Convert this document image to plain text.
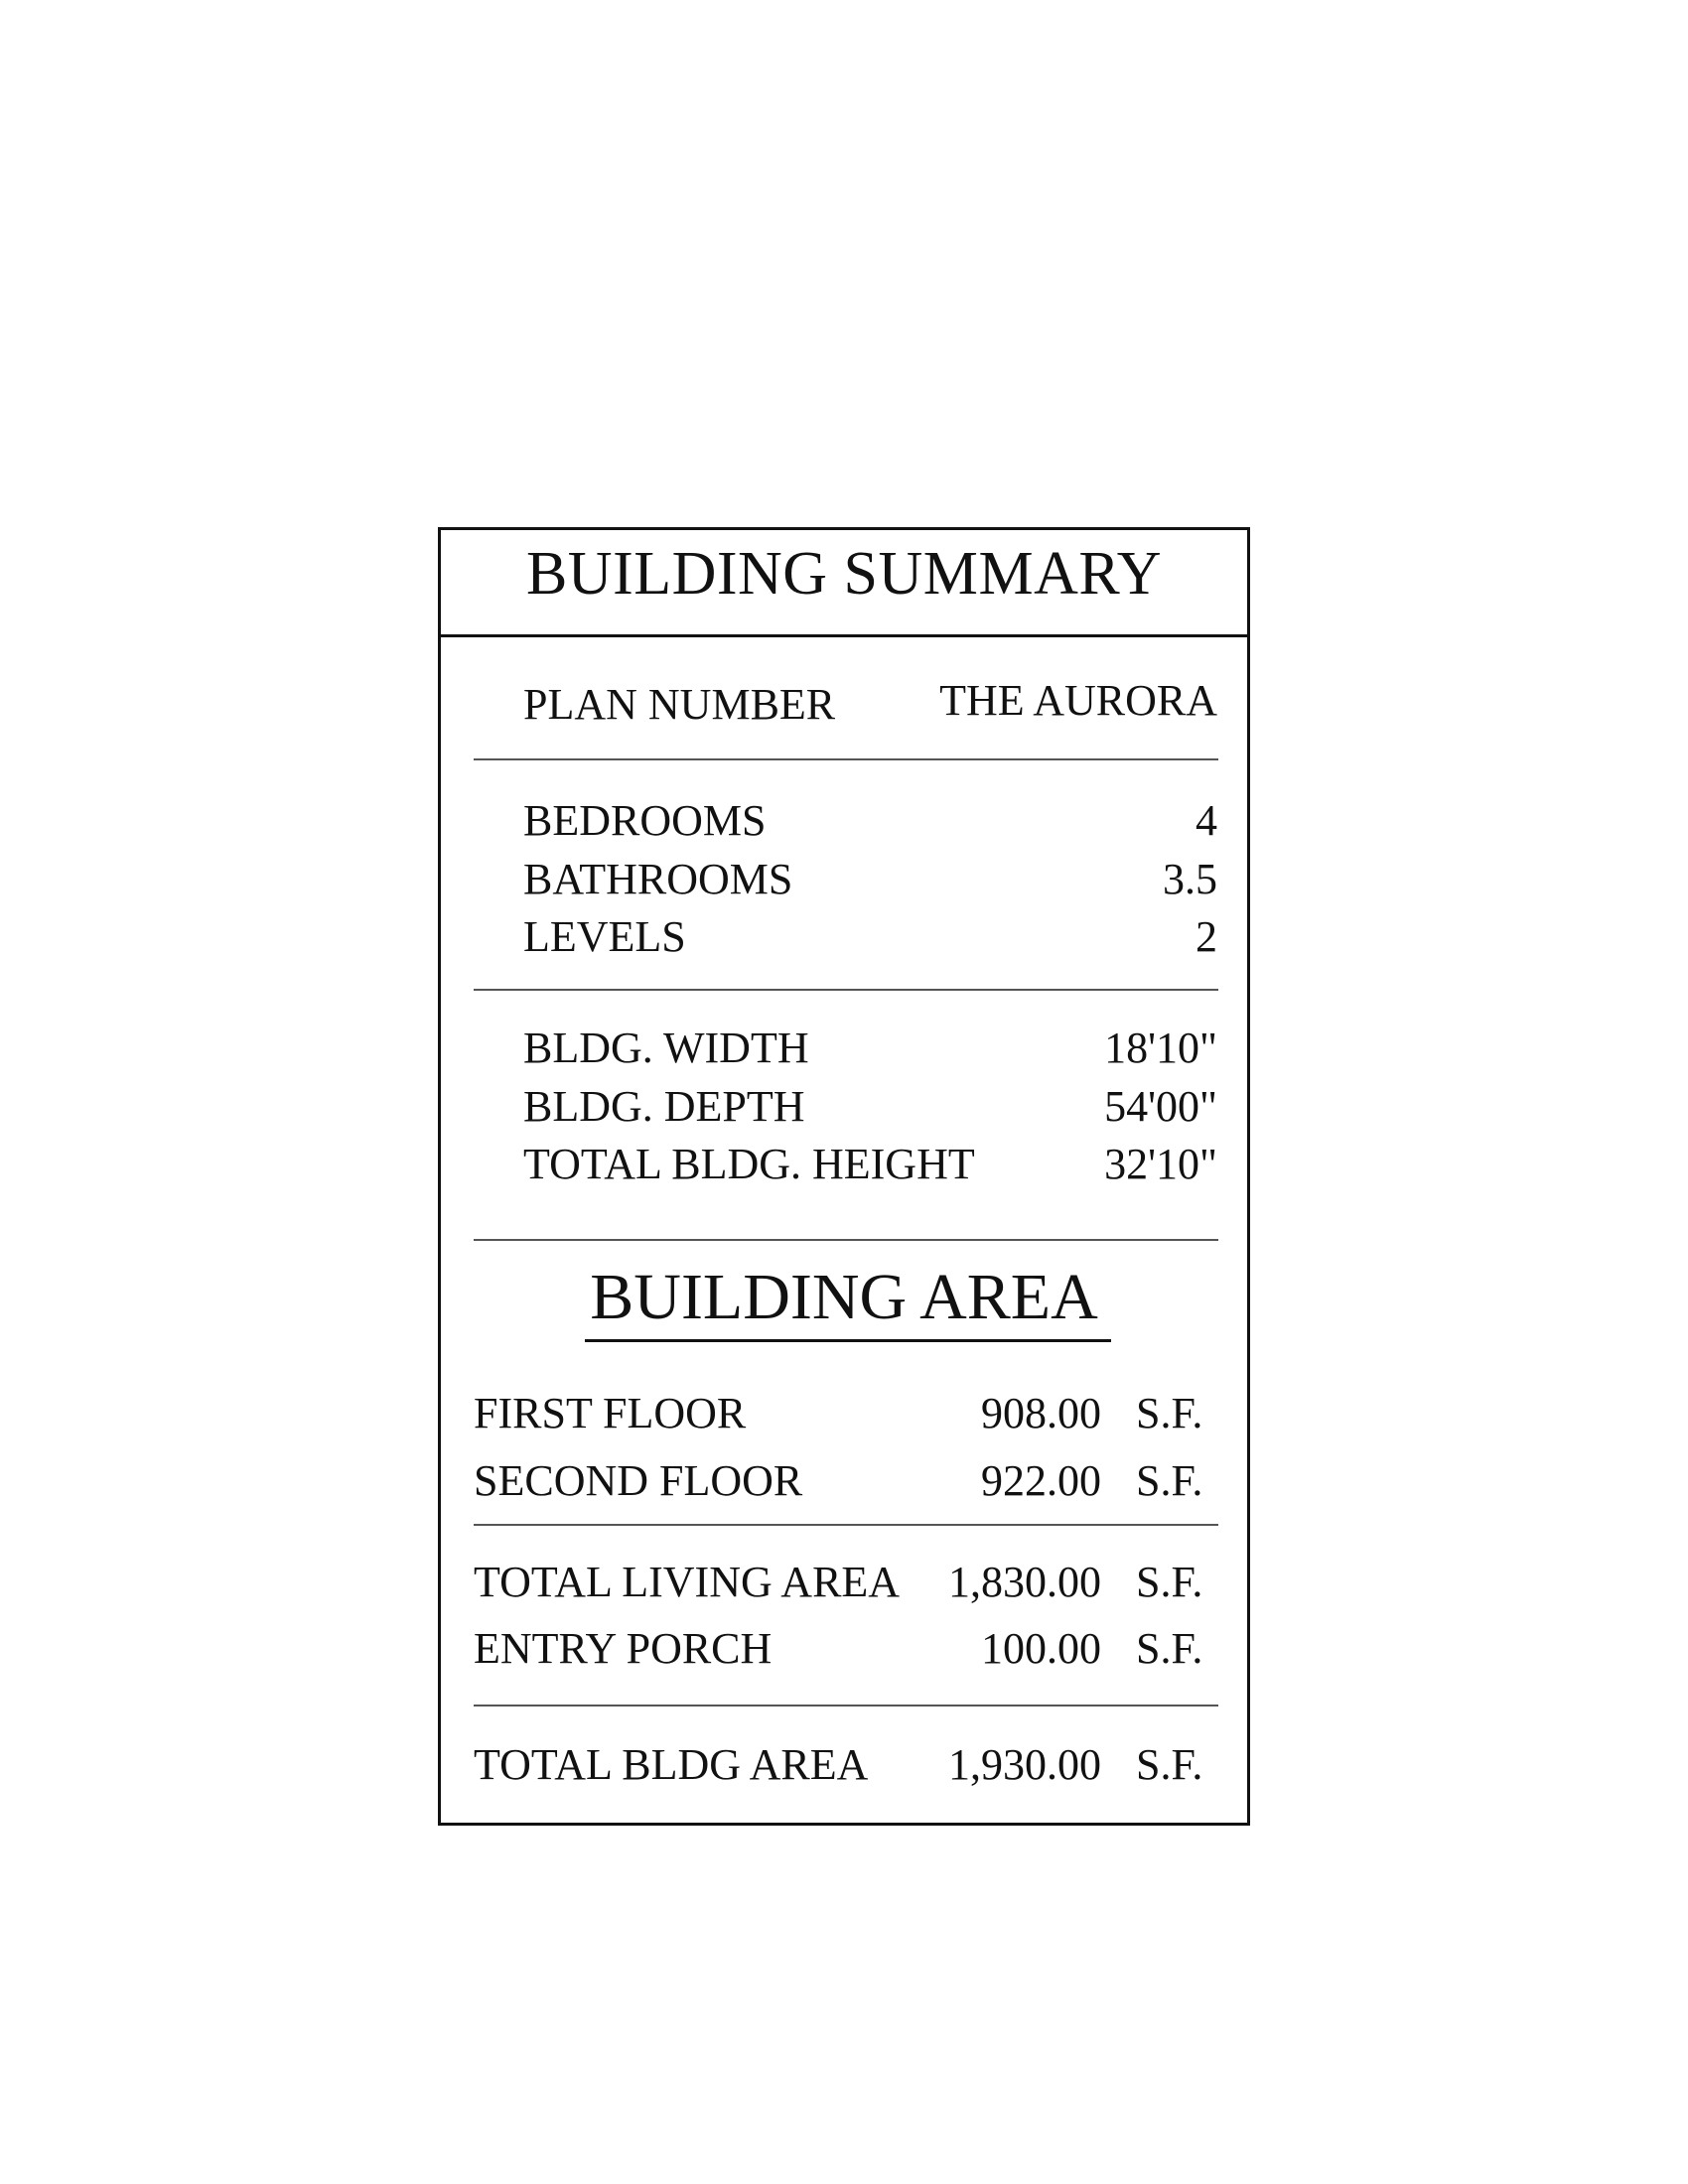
BUILDING SUMMARY
PLAN NUMBER	THE AURORA
BEDROOMS	4
BATHROOMS	3.5
LEVELS	2
BLDG. WIDTH	18'10"
BLDG. DEPTH	54'00"
TOTAL BLDG. HEIGHT	32'10"
BUILDING AREA
FIRST FLOOR	908.00 S.F.
SECOND FLOOR	922.00 S.F.
TOTAL LIVING AREA	1,830.00 S.F.
ENTRY PORCH	100.00 S.F.
TOTAL BLDG AREA	1,930.00 S.F.
